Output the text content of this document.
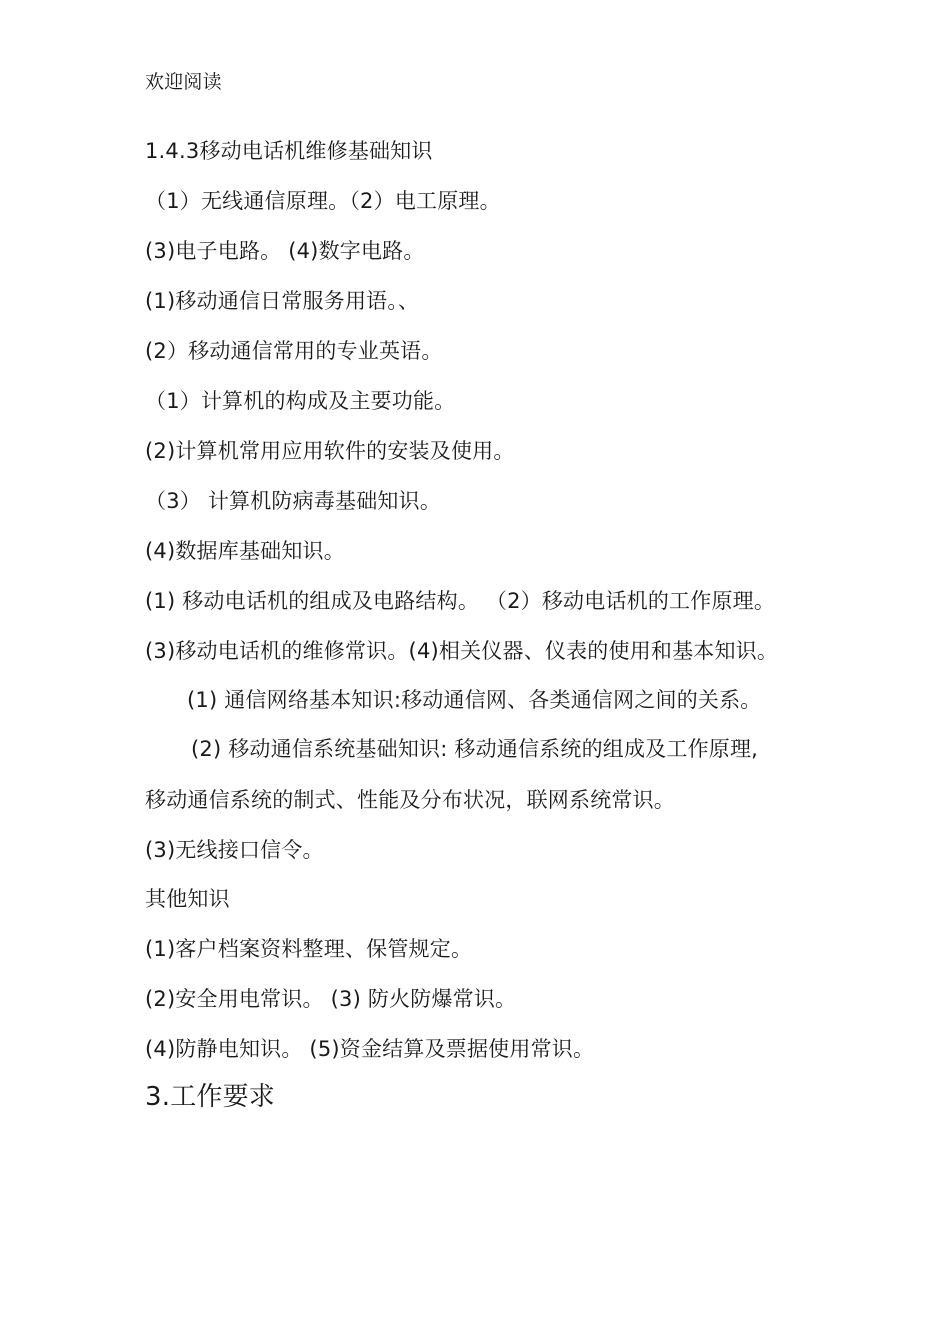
欢迎阅读
1.4.3移动电话机维修基础知识
（1）无线通信原理。（2）电工原理。
(3)电子电路。 (4)数字电路。
(1)移动通信日常服务用语。、
(2）移动通信常用的专业英语。
（1）计算机的构成及主要功能。
(2)计算机常用应用软件的安装及使用。
（3） 计算机防病毒基础知识。
(4)数据库基础知识。
(1) 移动电话机的组成及电路结构。 （2）移动电话机的工作原理。
(3)移动电话机的维修常识。(4)相关仪器、仪表的使用和基本知识。
(1) 通信网络基本知识:移动通信网、各类通信网之间的关系。
(2) 移动通信系统基础知识: 移动通信系统的组成及工作原理,
移动通信系统的制式、性能及分布状况，联网系统常识。
(3)无线接口信令。
其他知识
(1)客户档案资料整理、保管规定。
(2)安全用电常识。 (3) 防火防爆常识。
(4)防静电知识。 (5)资金结算及票据使用常识。
3.工作要求
